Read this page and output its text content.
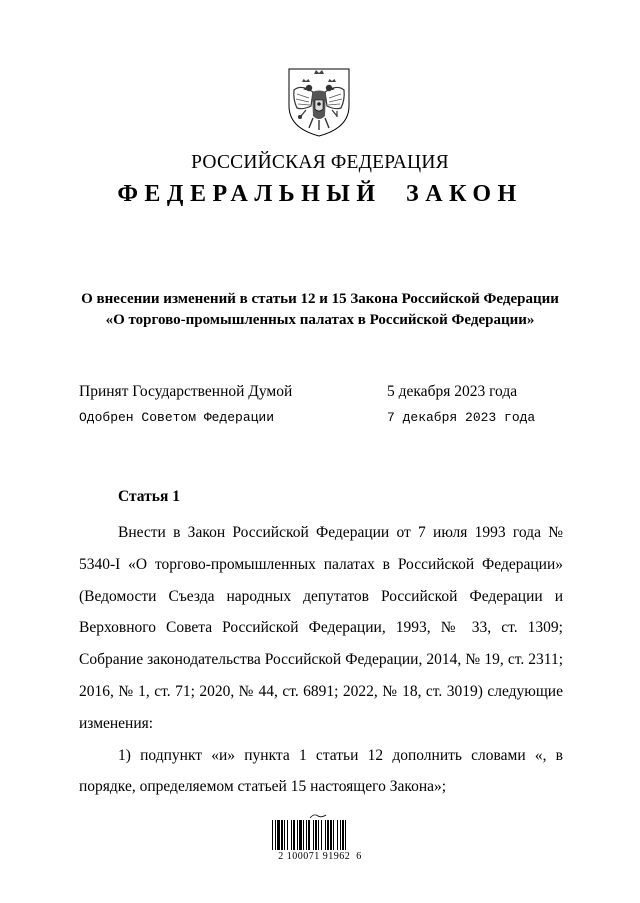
РОССИЙСКАЯ ФЕДЕРАЦИЯ
ФЕДЕРАЛЬНЫЙ ЗАКОН
О внесении изменений в статьи 12 и 15 Закона Российской Федерации
«О торгово-промышленных палатах в Российской Федерации»
Принят Государственной Думой	5 декабря 2023 года
Одобрен Советом Федерации	7 декабря 2023 года
Статья 1

Внести в Закон Российской Федерации от 7 июля 1993 года № 5340-I «О торгово-промышленных палатах в Российской Федерации» (Ведомости Съезда народных депутатов Российской Федерации и Верховного Совета Российской Федерации, 1993, № 33, ст. 1309; Собрание законодательства Российской Федерации, 2014, № 19, ст. 2311; 2016, № 1, ст. 71; 2020, № 44, ст. 6891; 2022, № 18, ст. 3019) следующие изменения:

1) подпункт «и» пункта 1 статьи 12 дополнить словами «, в порядке, определяемом статьей 15 настоящего Закона»;

2 100071 91962 6
